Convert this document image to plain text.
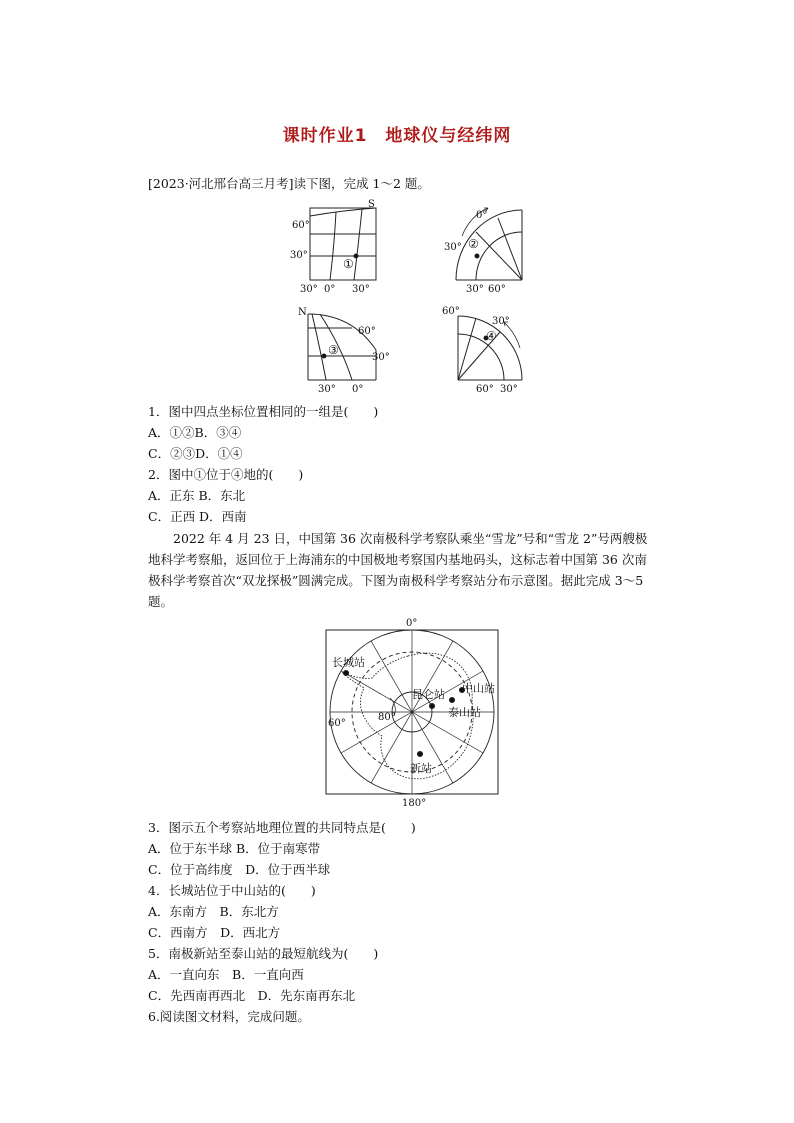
课时作业1　地球仪与经纬网
[2023·河北邢台高三月考]读下图，完成 1～2 题。
S
60°
30°
①
30° 0° 30°
0°
30° ②
30° 60°
N
60°
30°
③
30° 0°
60°
30°
④
60° 30°
1．图中四点坐标位置相同的一组是(　　)
A．①②B．③④
C．②③D．①④
2．图中①位于④地的(　　)
A．正东 B．东北
C．正西 D．西南
2022 年 4 月 23 日，中国第 36 次南极科学考察队乘坐“雪龙”号和“雪龙 2”号两艘极地科学考察船，返回位于上海浦东的中国极地考察国内基地码头，这标志着中国第 36 次南极科学考察首次“双龙探极”圆满完成。下图为南极科学考察站分布示意图。据此完成 3～5 题。
0°
180°
60°
80°
长城站
昆仑站 中山站
泰山站
新站
3．图示五个考察站地理位置的共同特点是(　　)
A．位于东半球 B．位于南寒带
C．位于高纬度　D．位于西半球
4．长城站位于中山站的(　　)
A．东南方　B．东北方
C．西南方　D．西北方
5．南极新站至泰山站的最短航线为(　　)
A．一直向东　B．一直向西
C．先西南再西北　D．先东南再东北
6.阅读图文材料，完成问题。
